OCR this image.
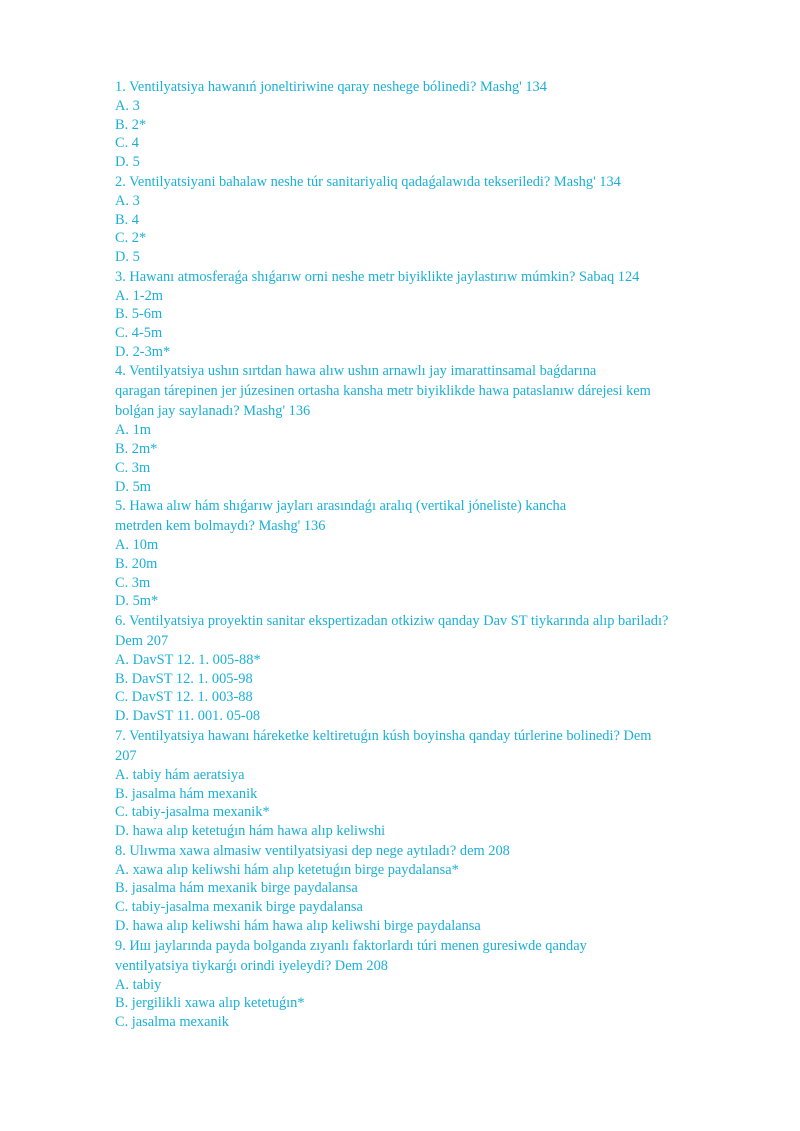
1. Ventilyatsiya hawanıń joneltiriwine qaray neshege bólinedi? Mashg' 134
A. 3
B. 2*
C. 4
D. 5
2. Ventilyatsiyani bahalaw neshe túr sanitariyaliq qadaǵalawıda tekseriledi? Mashg' 134
A. 3
B. 4
C. 2*
D. 5
3. Hawanı atmosferaǵa shıǵarıw orni neshe metr biyiklikte jaylastırıw múmkin? Sabaq 124
A. 1-2m
B. 5-6m
C. 4-5m
D. 2-3m*
4. Ventilyatsiya ushın sırtdan hawa alıw ushın arnawlı jay imarattinsamal baǵdarına
qaragan tárepinen jer júzesinen ortasha kansha metr biyiklikde hawa pataslanıw dárejesi kem
bolǵan jay saylanadı? Mashg' 136
A. 1m
B. 2m*
C. 3m
D. 5m
5. Hawa alıw hám shıǵarıw jayları arasındaǵı aralıq (vertikal jóneliste) kancha
metrden kem bolmaydı? Mashg' 136
A. 10m
B. 20m
C. 3m
D. 5m*
6. Ventilyatsiya proyektin sanitar ekspertizadan otkiziw qanday Dav ST tiykarında alıp bariladı?
Dem 207
A. DavST 12. 1. 005-88*
B. DavST 12. 1. 005-98
C. DavST 12. 1. 003-88
D. DavST 11. 001. 05-08
7. Ventilyatsiya hawanı háreketke keltiretuǵın kúsh boyinsha qanday túrlerine bolinedi? Dem
207
A. tabiy hám aeratsiya
B. jasalma hám mexanik
C. tabiy-jasalma mexanik*
D. hawa alıp ketetuǵın hám hawa alıp keliwshi
8. Ulıwma xawa almasiw ventilyatsiyasi dep nege aytıladı? dem 208
A. xawa alıp keliwshi hám alıp ketetuǵın birge paydalansa*
B. jasalma hám mexanik birge paydalansa
C. tabiy-jasalma mexanik birge paydalansa
D. hawa alıp keliwshi hám hawa alıp keliwshi birge paydalansa
9. Иш jaylarında payda bolganda zıyanlı faktorlardı túri menen guresiwde qanday
ventilyatsiya tiykarǵı orindi iyeleydi? Dem 208
A. tabiy
B. jergilikli xawa alıp ketetuǵın*
C. jasalma mexanik
